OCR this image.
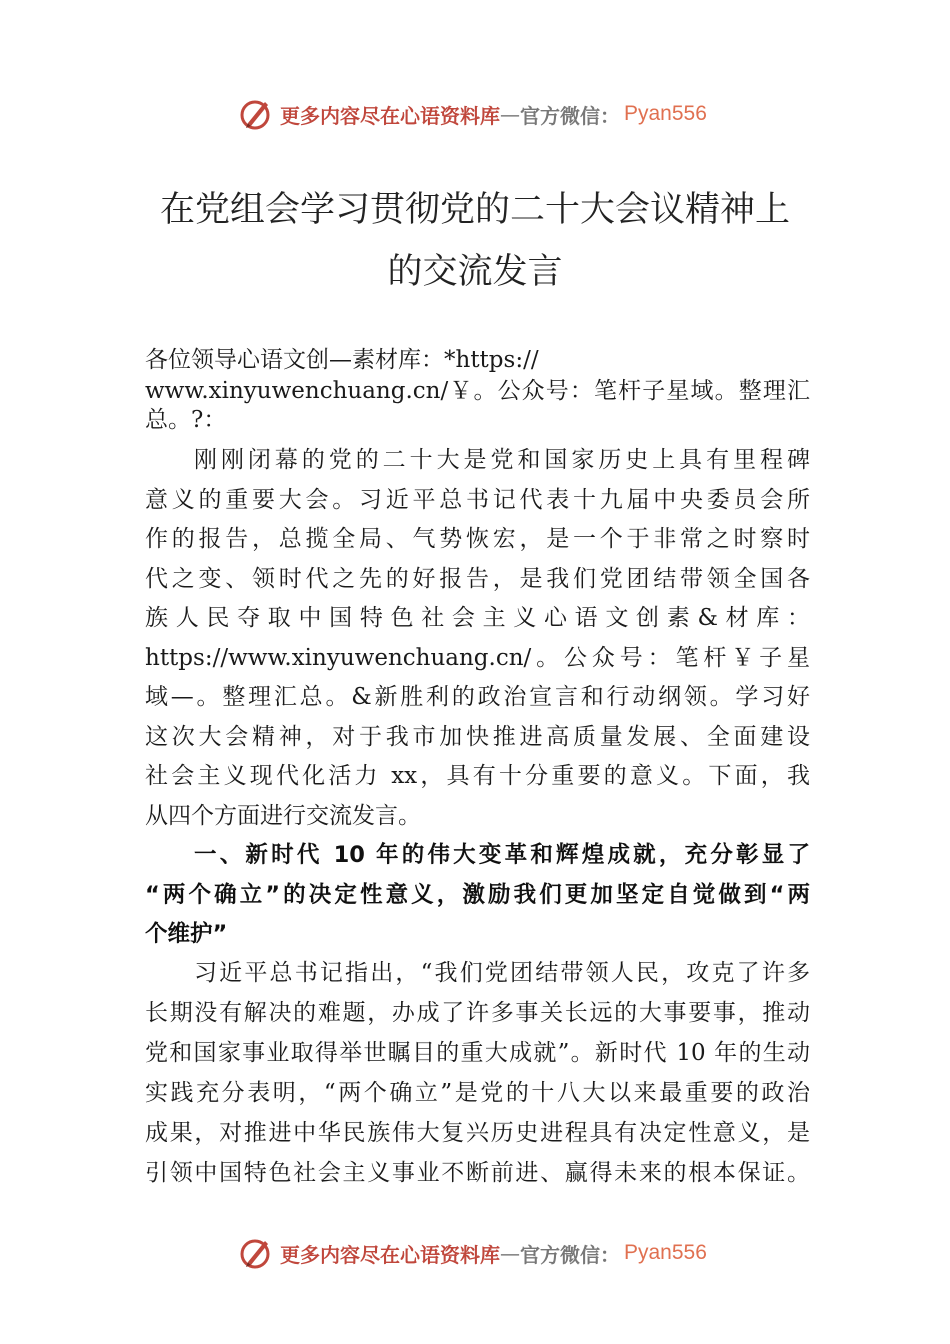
更多内容尽在心语资料库 — 官方微信： Pyan556
在党组会学习贯彻党的二十大会议精神上
的交流发言
各位领导心语文创—素材库：*https://
www.xinyuwenchuang.cn/￥。公众号：笔杆子星域。整理汇
总。?：
刚刚闭幕的党的二十大是党和国家历史上具有里程碑
意义的重要大会。习近平总书记代表十九届中央委员会所
作的报告，总揽全局、气势恢宏，是一个于非常之时察时
代之变、领时代之先的好报告，是我们党团结带领全国各
族人民夺取中国特色社会主义心语文创素&材库：
https://www.xinyuwenchuang.cn/。公众号：笔杆￥子星
域—。整理汇总。&新胜利的政治宣言和行动纲领。学习好
这次大会精神，对于我市加快推进高质量发展、全面建设
社会主义现代化活力 xx，具有十分重要的意义。下面，我
从四个方面进行交流发言。
一、新时代 10 年的伟大变革和辉煌成就，充分彰显了
“两个确立”的决定性意义，激励我们更加坚定自觉做到“两
个维护”
习近平总书记指出，“我们党团结带领人民，攻克了许多
长期没有解决的难题，办成了许多事关长远的大事要事，推动
党和国家事业取得举世瞩目的重大成就”。新时代 10 年的生动
实践充分表明，“两个确立”是党的十八大以来最重要的政治
成果，对推进中华民族伟大复兴历史进程具有决定性意义，是
引领中国特色社会主义事业不断前进、赢得未来的根本保证。
更多内容尽在心语资料库 — 官方微信： Pyan556
